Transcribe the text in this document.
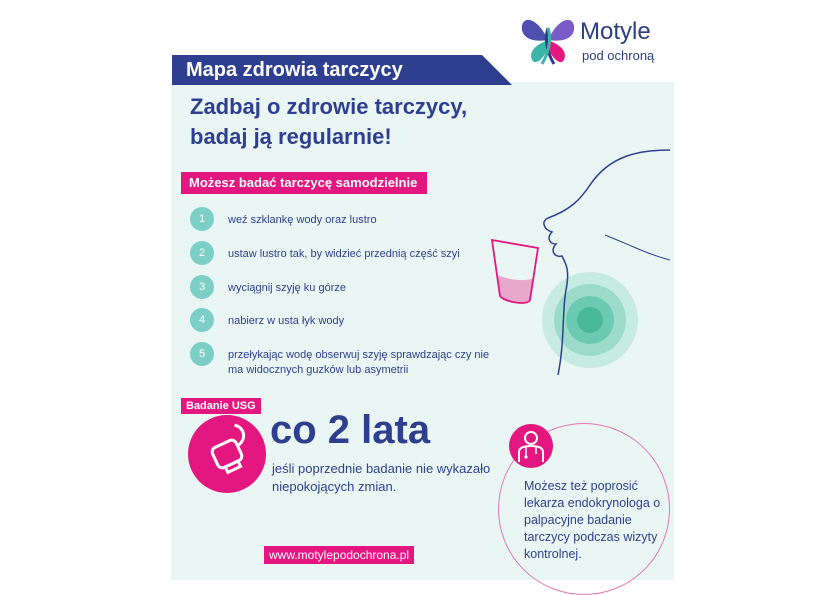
Motyle
pod ochroną
Mapa zdrowia tarczycy
Zadbaj o zdrowie tarczycy,
badaj ją regularnie!
Możesz badać tarczycę samodzielnie
1	weź szklankę wody oraz lustro
2	ustaw lustro tak, by widzieć przednią część szyi
3	wyciągnij szyję ku górze
4	nabierz w usta łyk wody
5	przełykając wodę obserwuj szyję sprawdzając czy nie ma widocznych guzków lub asymetrii
Badanie USG
co 2 lata
jeśli poprzednie badanie nie wykazało niepokojących zmian.	Możesz też poprosić lekarza endokrynologa o palpacyjne badanie tarczycy podczas wizyty kontrolnej.
www.motylepodochrona.pl
